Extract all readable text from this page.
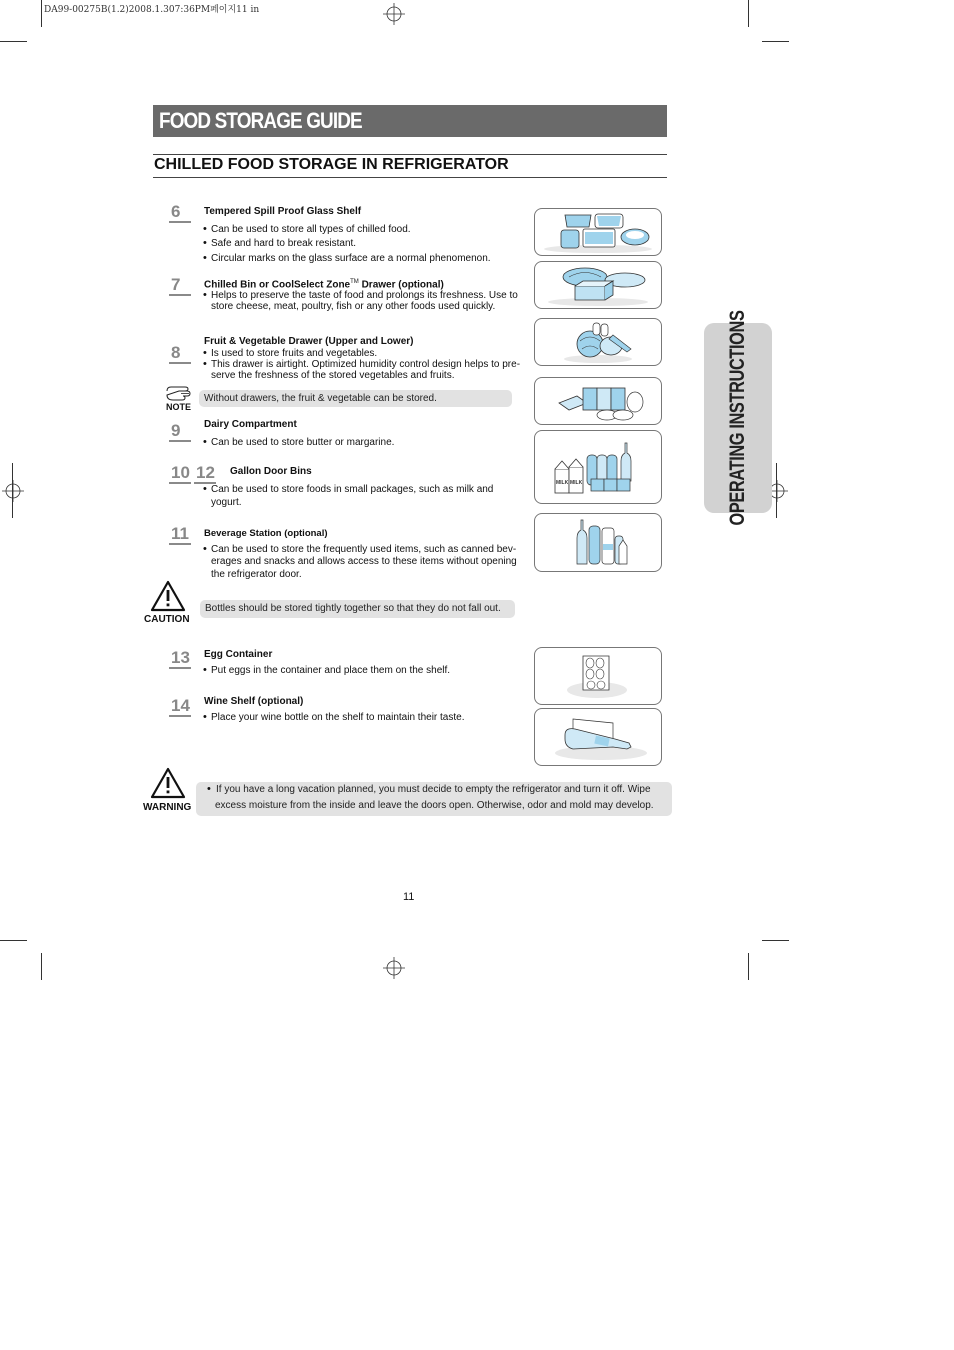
DA99-00275B(1.2)2008.1.307:36PM페이지11 in
FOOD STORAGE GUIDE
CHILLED FOOD STORAGE IN REFRIGERATOR
OPERATING INSTRUCTIONS
6	Tempered Spill Proof Glass Shelf
• Can be used to store all types of chilled food.
• Safe and hard to break resistant.
• Circular marks on the glass surface are a normal phenomenon.
7	Chilled Bin or CoolSelect Zone™ Drawer (optional)
• Helps to preserve the taste of food and prolongs its freshness. Use to
store cheese, meat, poultry, fish or any other foods used quickly.
8
Fruit & Vegetable Drawer (Upper and Lower)
• Is used to store fruits and vegetables.
• This drawer is airtight. Optimized humidity control design helps to pre-
serve the freshness of the stored vegetables and fruits.
NOTE
Without drawers, the fruit & vegetable can be stored.
9	Dairy Compartment
• Can be used to store butter or margarine.
10 12 Gallon Door Bins
• Can be used to store foods in small packages, such as milk and
yogurt.
11 Beverage Station (optional)
• Can be used to store the frequently used items, such as canned bev-
erages and snacks and allows access to these items without opening
the refrigerator door.
CAUTION
Bottles should be stored tightly together so that they do not fall out.
13 Egg Container
• Put eggs in the container and place them on the shelf.
14 Wine Shelf (optional)
• Place your wine bottle on the shelf to maintain their taste.
WARNING
• If you have a long vacation planned, you must decide to empty the refrigerator and turn it off. Wipe
excess moisture from the inside and leave the doors open. Otherwise, odor and mold may develop.
MILK MILK
11
